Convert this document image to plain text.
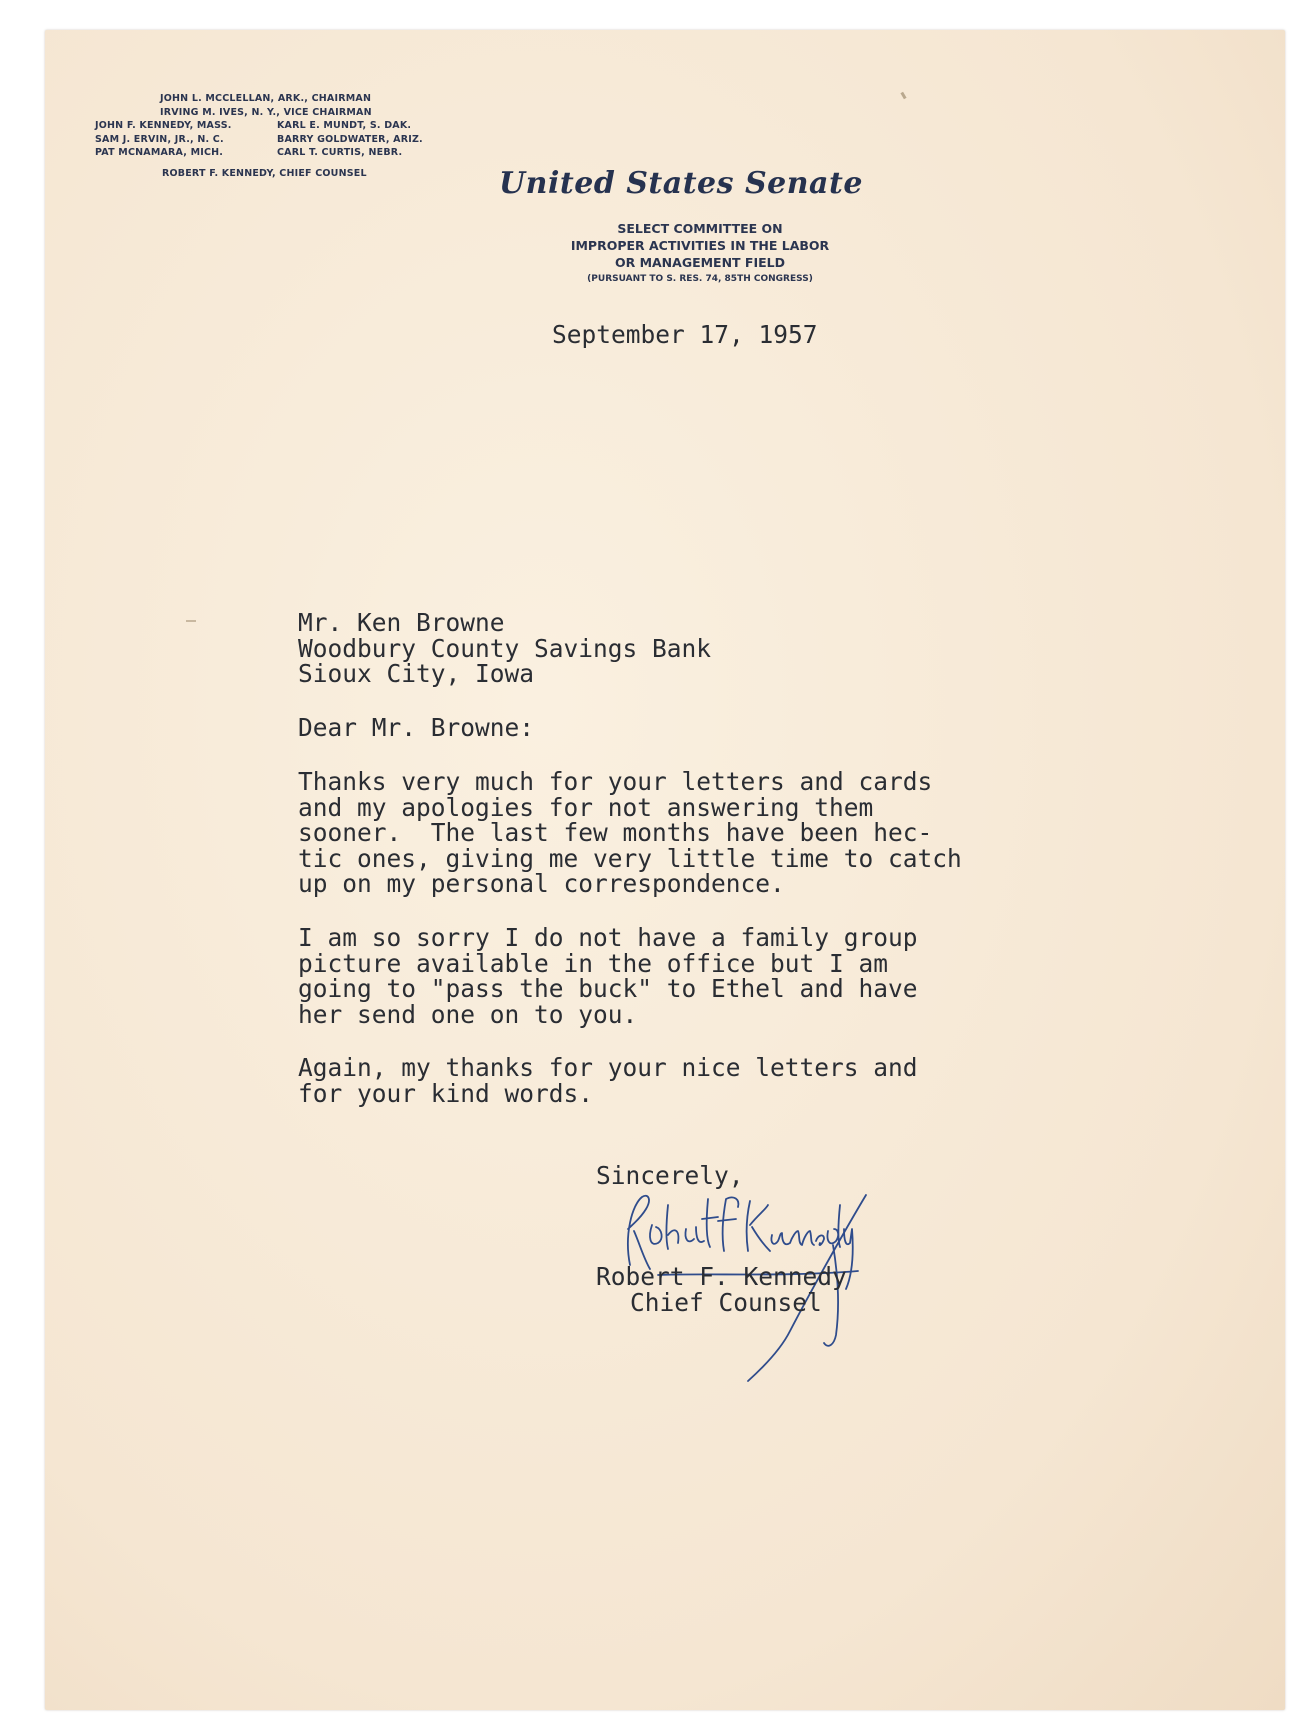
JOHN L. MCCLELLAN, ARK., CHAIRMAN
IRVING M. IVES, N. Y., VICE CHAIRMAN
JOHN F. KENNEDY, MASS.	KARL E. MUNDT, S. DAK.
SAM J. ERVIN, JR., N. C.	BARRY GOLDWATER, ARIZ.
PAT MCNAMARA, MICH.	CARL T. CURTIS, NEBR.
ROBERT F. KENNEDY, CHIEF COUNSEL	United States Senate
SELECT COMMITTEE ON
IMPROPER ACTIVITIES IN THE LABOR
OR MANAGEMENT FIELD
(PURSUANT TO S. RES. 74, 85TH CONGRESS)
September 17, 1957
Mr. Ken Browne
Woodbury County Savings Bank
Sioux City, Iowa
Dear Mr. Browne:
Thanks very much for your letters and cards
and my apologies for not answering them
sooner.  The last few months have been hec-
tic ones, giving me very little time to catch
up on my personal correspondence.
I am so sorry I do not have a family group
picture available in the office but I am
going to "pass the buck" to Ethel and have
her send one on to you.
Again, my thanks for your nice letters and
for your kind words.
Sincerely,
Robert F. Kennedy
Chief Counsel
